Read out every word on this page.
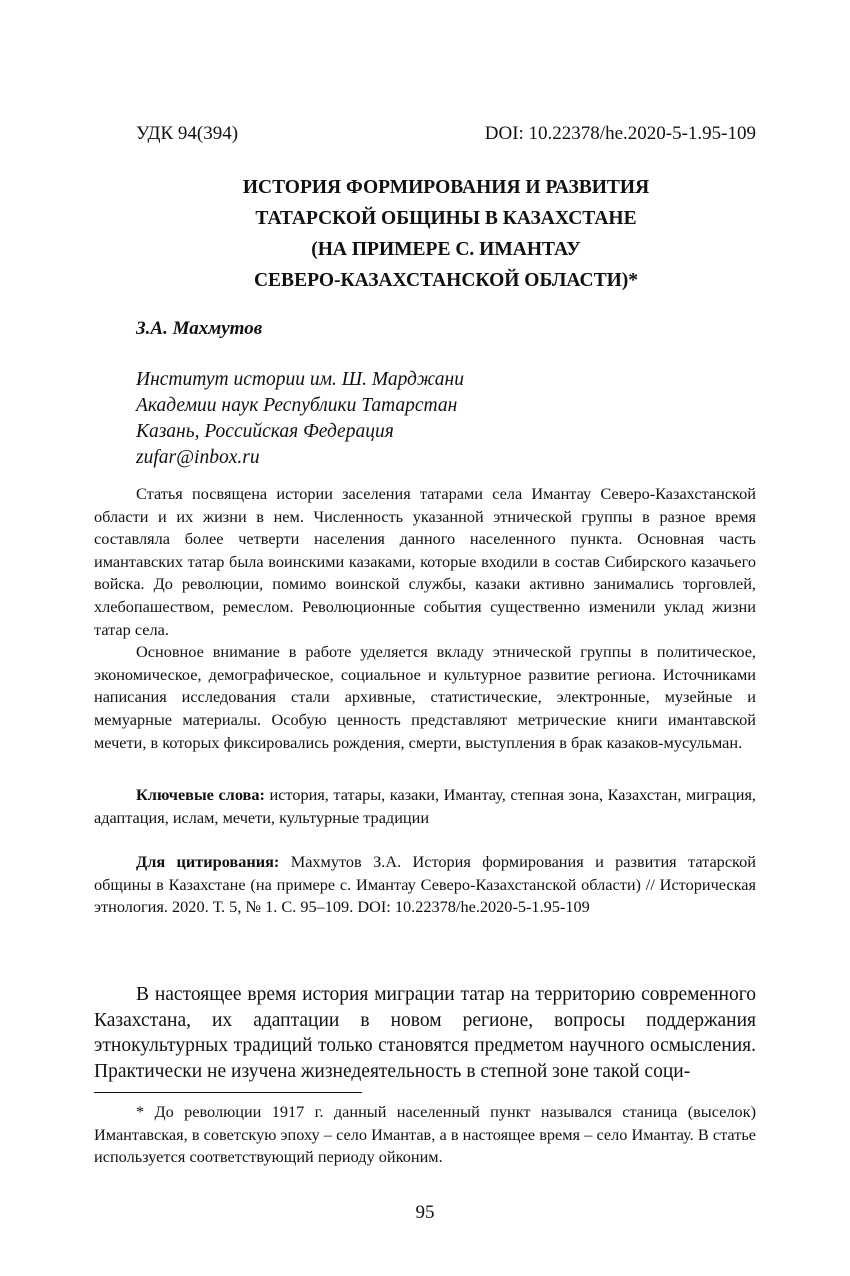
УДК 94(394)	DOI: 10.22378/he.2020-5-1.95-109
ИСТОРИЯ ФОРМИРОВАНИЯ И РАЗВИТИЯ
ТАТАРСКОЙ ОБЩИНЫ В КАЗАХСТАНЕ
(НА ПРИМЕРЕ С. ИМАНТАУ
СЕВЕРО-КАЗАХСТАНСКОЙ ОБЛАСТИ)*
З.А. Махмутов
Институт истории им. Ш. Марджани
Академии наук Республики Татарстан
Казань, Российская Федерация
zufar@inbox.ru

Статья посвящена истории заселения татарами села Имантау Северо-Казахстанской области и их жизни в нем. Численность указанной этнической группы в разное время составляла более четверти населения данного населенного пункта. Основная часть имантавских татар была воинскими казаками, которые входили в состав Сибирского казачьего войска. До революции, помимо воинской службы, казаки активно занимались торговлей, хлебопашеством, ремеслом. Революционные события существенно изменили уклад жизни татар села.

Основное внимание в работе уделяется вкладу этнической группы в политическое, экономическое, демографическое, социальное и культурное развитие региона. Источниками написания исследования стали архивные, статистические, электронные, музейные и мемуарные материалы. Особую ценность представляют метрические книги имантавской мечети, в которых фиксировались рождения, смерти, выступления в брак казаков-мусульман.

Ключевые слова: история, татары, казаки, Имантау, степная зона, Казахстан, миграция, адаптация, ислам, мечети, культурные традиции
Для цитирования: Махмутов З.А. История формирования и развития татарской общины в Казахстане (на примере с. Имантау Северо-Казахстанской области) // Историческая этнология. 2020. Т. 5, № 1. С. 95–109. DOI: 10.22378/he.2020-5-1.95-109
В настоящее время история миграции татар на территорию современного Казахстана, их адаптации в новом регионе, вопросы поддержания этнокультурных традиций только становятся предметом научного осмысления. Практически не изучена жизнедеятельность в степной зоне такой соци-
* До революции 1917 г. данный населенный пункт назывался станица (выселок) Имантавская, в советскую эпоху – село Имантав, а в настоящее время – село Имантау. В статье используется соответствующий периоду ойконим.
95
